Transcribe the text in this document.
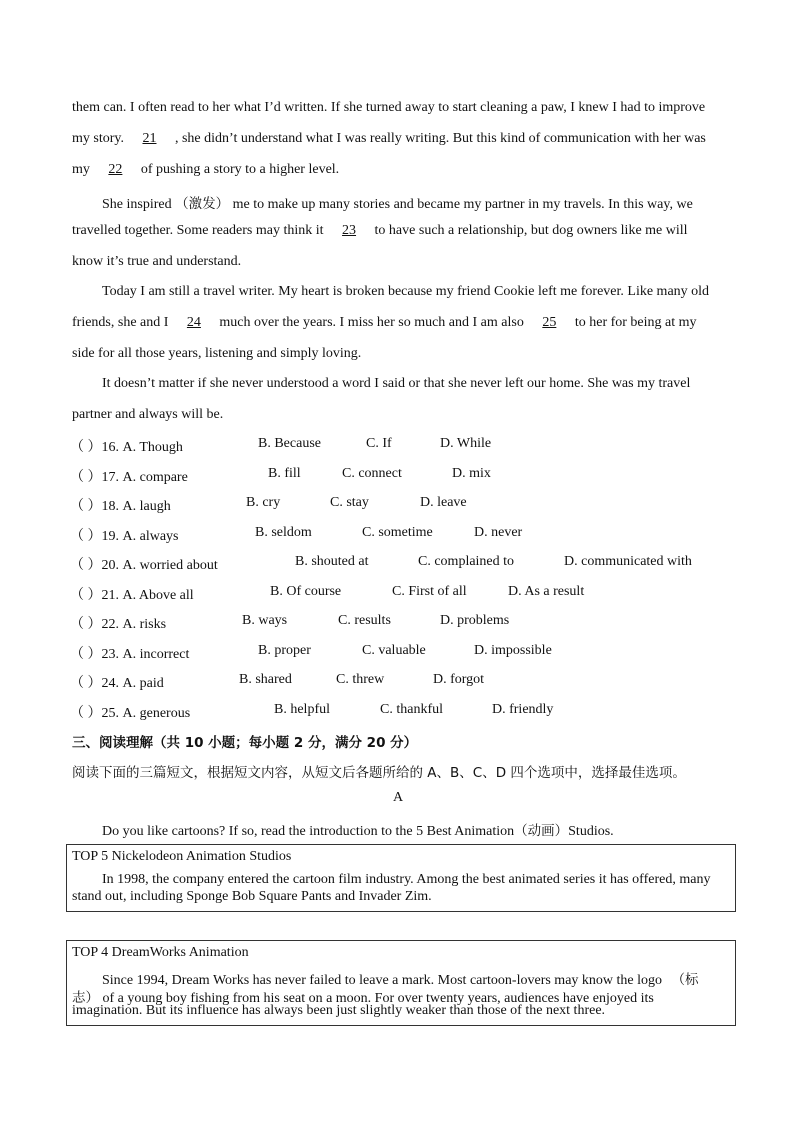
them can. I often read to her what I’d written. If she turned away to start cleaning a paw, I knew I had to improve
my story. 21 , she didn’t understand what I was really writing. But this kind of communication with her was
my 22 of pushing a story to a higher level.
She inspired （激发） me to make up many stories and became my partner in my travels. In this way, we
travelled together. Some readers may think it 23 to have such a relationship, but dog owners like me will
know it’s true and understand.
Today I am still a travel writer. My heart is broken because my friend Cookie left me forever. Like many old
friends, she and I 24 much over the years. I miss her so much and I am also 25 to her for being at my
side for all those years, listening and simply loving.
It doesn’t matter if she never understood a word I said or that she never left our home. She was my travel
partner and always will be.
（ ）16. A. Though	B. Because	C. If	D. While
（ ）17. A. compare	B. fill	C. connect	D. mix
（ ）18. A. laugh	B. cry	C. stay	D. leave
（ ）19. A. always	B. seldom	C. sometime	D. never
（ ）20. A. worried about	B. shouted at	C. complained to	D. communicated with
（ ）21. A. Above all	B. Of course	C. First of all	D. As a result
（ ）22. A. risks	B. ways	C. results	D. problems
（ ）23. A. incorrect	B. proper	C. valuable	D. impossible
（ ）24. A. paid	B. shared	C. threw	D. forgot
（ ）25. A. generous	B. helpful	C. thankful	D. friendly
三、阅读理解（共 10 小题；每小题 2 分，满分 20 分）
阅读下面的三篇短文，根据短文内容，从短文后各题所给的 A、B、C、D 四个选项中，选择最佳选项。
A
Do you like cartoons? If so, read the introduction to the 5 Best Animation（动画）Studios.
TOP 5 Nickelodeon Animation Studios
In 1998, the company entered the cartoon film industry. Among the best animated series it has offered, many
stand out, including Sponge Bob Square Pants and Invader Zim.
TOP 4 DreamWorks Animation
Since 1994, Dream Works has never failed to leave a mark. Most cartoon-lovers may know the logo （标
志） of a young boy fishing from his seat on a moon. For over twenty years, audiences have enjoyed its
imagination. But its influence has always been just slightly weaker than those of the next three.
